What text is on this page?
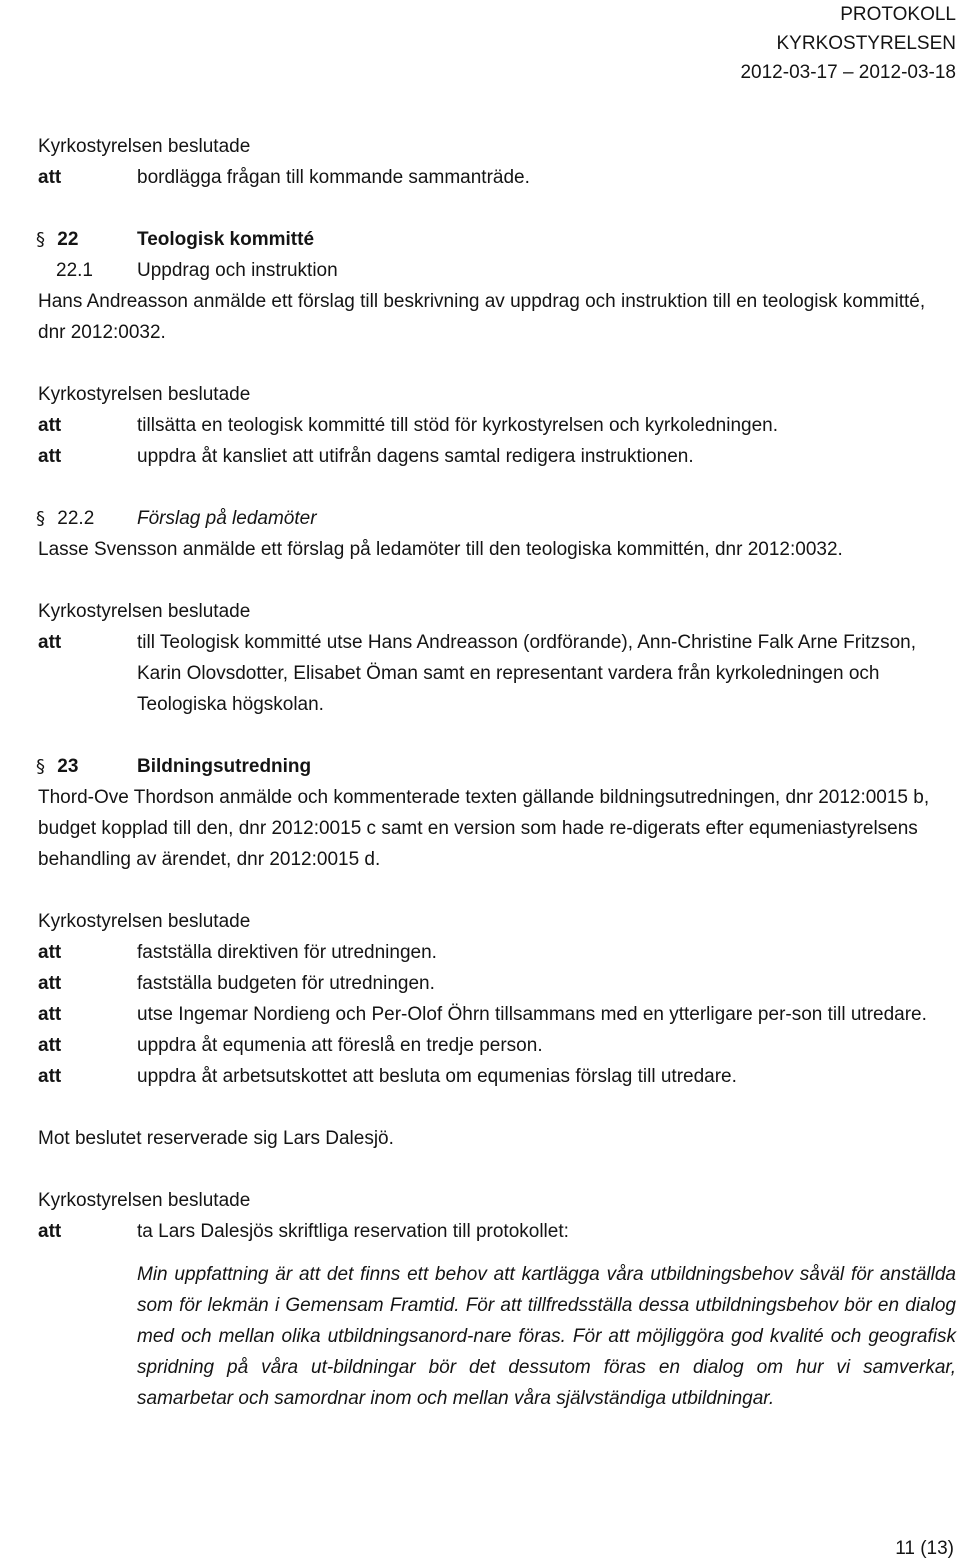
PROTOKOLL
KYRKOSTYRELSEN
2012-03-17 – 2012-03-18

Kyrkostyrelsen beslutade

att	bordlägga frågan till kommande sammanträde.
§ 22	Teologisk kommitté
22.1	Uppdrag och instruktion

Hans Andreasson anmälde ett förslag till beskrivning av uppdrag och instruktion till en teologisk kommitté, dnr 2012:0032.

Kyrkostyrelsen beslutade

att	tillsätta en teologisk kommitté till stöd för kyrkostyrelsen och kyrkoledningen.
att	uppdra åt kansliet att utifrån dagens samtal redigera instruktionen.
§ 22.2	Förslag på ledamöter

Lasse Svensson anmälde ett förslag på ledamöter till den teologiska kommittén, dnr 2012:0032.

Kyrkostyrelsen beslutade

att	till Teologisk kommitté utse Hans Andreasson (ordförande), Ann-Christine Falk Arne Fritzson, Karin Olovsdotter, Elisabet Öman samt en representant vardera från kyrkoledningen och Teologiska högskolan.
§ 23	Bildningsutredning

Thord-Ove Thordson anmälde och kommenterade texten gällande bildningsutredningen, dnr 2012:0015 b, budget kopplad till den, dnr 2012:0015 c samt en version som hade re-digerats efter equmeniastyrelsens behandling av ärendet, dnr 2012:0015 d.

Kyrkostyrelsen beslutade

att	fastställa direktiven för utredningen.
att	fastställa budgeten för utredningen.
att	utse Ingemar Nordieng och Per-Olof Öhrn tillsammans med en ytterligare per-son till utredare.
att	uppdra åt equmenia att föreslå en tredje person.
att	uppdra åt arbetsutskottet att besluta om equmenias förslag till utredare.

Mot beslutet reserverade sig Lars Dalesjö.

Kyrkostyrelsen beslutade

att	ta Lars Dalesjös skriftliga reservation till protokollet:

Min uppfattning är att det finns ett behov att kartlägga våra utbildningsbehov såväl för anställda som för lekmän i Gemensam Framtid. För att tillfredsställa dessa utbildningsbehov bör en dialog med och mellan olika utbildningsanord-nare föras. För att möjliggöra god kvalité och geografisk spridning på våra ut-bildningar bör det dessutom föras en dialog om hur vi samverkar, samarbetar och samordnar inom och mellan våra självständiga utbildningar.

11 (13)
